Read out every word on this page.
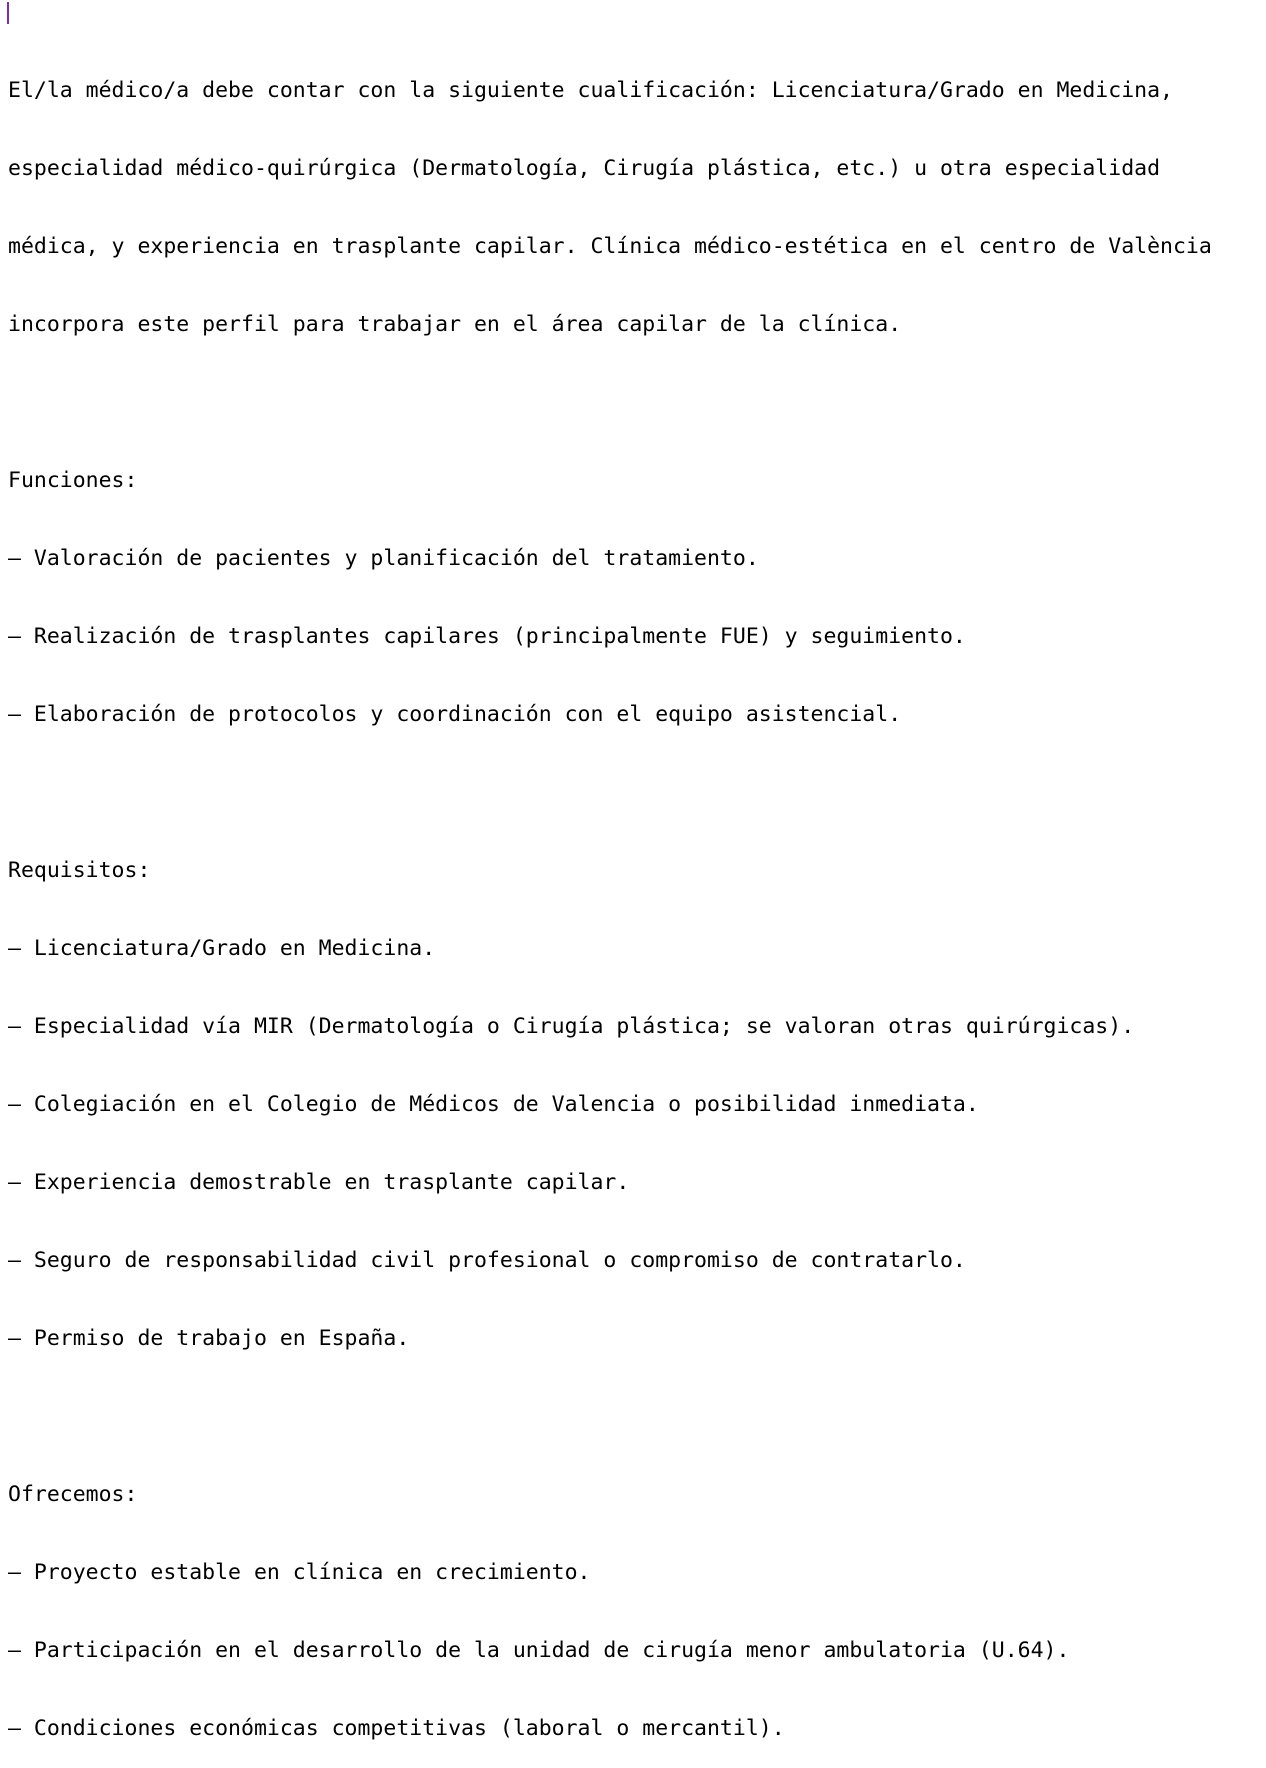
El/la médico/a debe contar con la siguiente cualificación: Licenciatura/Grado en Medicina,

especialidad médico-quirúrgica (Dermatología, Cirugía plástica, etc.) u otra especialidad

médica, y experiencia en trasplante capilar. Clínica médico-estética en el centro de València

incorpora este perfil para trabajar en el área capilar de la clínica.

Funciones:

– Valoración de pacientes y planificación del tratamiento.

– Realización de trasplantes capilares (principalmente FUE) y seguimiento.

– Elaboración de protocolos y coordinación con el equipo asistencial.

Requisitos:

– Licenciatura/Grado en Medicina.

– Especialidad vía MIR (Dermatología o Cirugía plástica; se valoran otras quirúrgicas).

– Colegiación en el Colegio de Médicos de Valencia o posibilidad inmediata.

– Experiencia demostrable en trasplante capilar.

– Seguro de responsabilidad civil profesional o compromiso de contratarlo.

– Permiso de trabajo en España.

Ofrecemos:

– Proyecto estable en clínica en crecimiento.

– Participación en el desarrollo de la unidad de cirugía menor ambulatoria (U.64).

– Condiciones económicas competitivas (laboral o mercantil).
